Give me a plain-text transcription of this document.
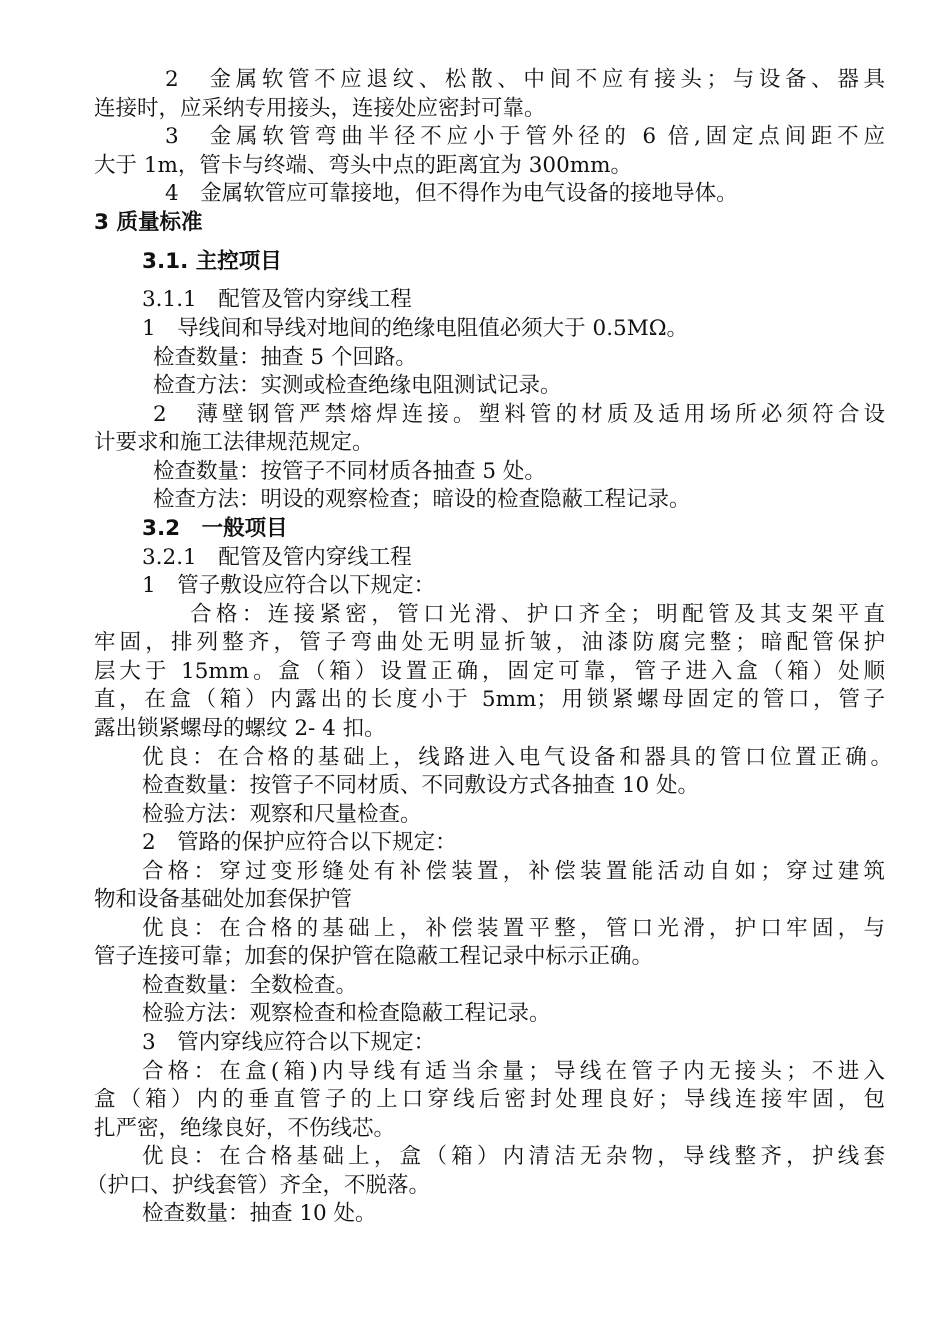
2　金属软管不应退纹、松散、中间不应有接头；与设备、器具
连接时，应采纳专用接头，连接处应密封可靠。
3　金属软管弯曲半径不应小于管外径的 6 倍,固定点间距不应
大于 1m，管卡与终端、弯头中点的距离宜为 300mm。
4　金属软管应可靠接地，但不得作为电气设备的接地导体。
3 质量标准
3.1. 主控项目
3.1.1　配管及管内穿线工程
1　导线间和导线对地间的绝缘电阻值必须大于 0.5MΩ。
检查数量：抽查 5 个回路。
检查方法：实测或检查绝缘电阻测试记录。
2　薄壁钢管严禁熔焊连接。塑料管的材质及适用场所必须符合设
计要求和施工法律规范规定。
检查数量：按管子不同材质各抽查 5 处。
检查方法：明设的观察检查；暗设的检查隐蔽工程记录。
3.2　一般项目
3.2.1　配管及管内穿线工程
1　管子敷设应符合以下规定：
合格：连接紧密，管口光滑、护口齐全；明配管及其支架平直
牢固，排列整齐，管子弯曲处无明显折皱，油漆防腐完整；暗配管保护
层大于 15mm。盒（箱）设置正确，固定可靠，管子进入盒（箱）处顺
直，在盒（箱）内露出的长度小于 5mm；用锁紧螺母固定的管口，管子
露出锁紧螺母的螺纹 2- 4 扣。
优良：在合格的基础上，线路进入电气设备和器具的管口位置正确。
检查数量：按管子不同材质、不同敷设方式各抽查 10 处。
检验方法：观察和尺量检查。
2　管路的保护应符合以下规定：
合格：穿过变形缝处有补偿装置，补偿装置能活动自如；穿过建筑
物和设备基础处加套保护管
优良：在合格的基础上，补偿装置平整，管口光滑，护口牢固，与
管子连接可靠；加套的保护管在隐蔽工程记录中标示正确。
检查数量：全数检查。
检验方法：观察检查和检查隐蔽工程记录。
3　管内穿线应符合以下规定：
合格：在盒(箱)内导线有适当余量；导线在管子内无接头；不进入
盒（箱）内的垂直管子的上口穿线后密封处理良好；导线连接牢固，包
扎严密，绝缘良好，不伤线芯。
优良：在合格基础上，盒（箱）内清洁无杂物，导线整齐，护线套
（护口、护线套管）齐全，不脱落。
检查数量：抽查 10 处。
